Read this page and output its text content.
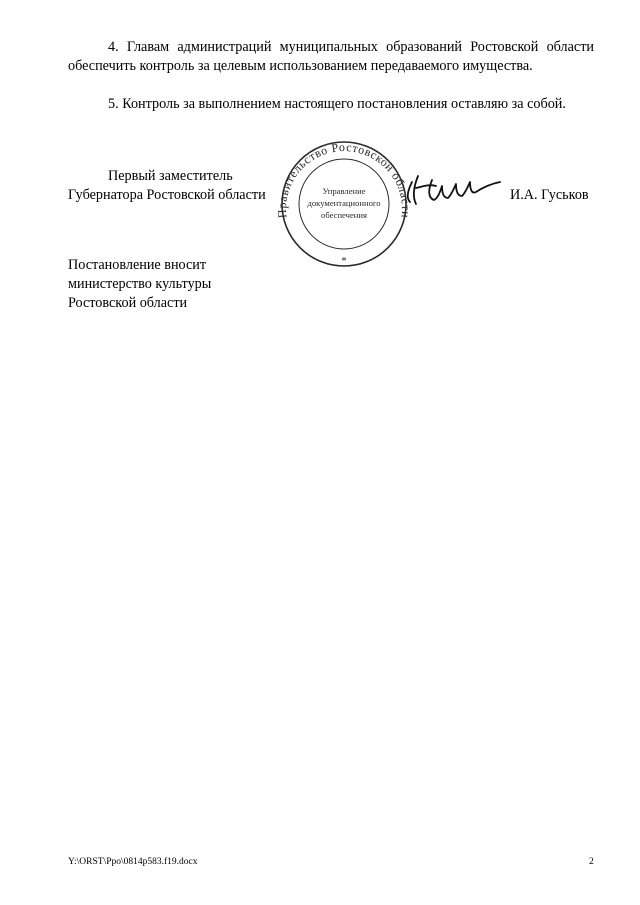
4. Главам администраций муниципальных образований Ростовской области обеспечить контроль за целевым использованием передаваемого имущества.

5. Контроль за выполнением настоящего постановления оставляю за собой.

Первый заместитель
Губернатора Ростовской области	И.А. Гуськов
Правительство Ростовской области
Управление
документационного
обеспечения
*
Постановление вносит
министерство культуры
Ростовской области
Y:\ORST\Ppo\0814p583.f19.docx	2
